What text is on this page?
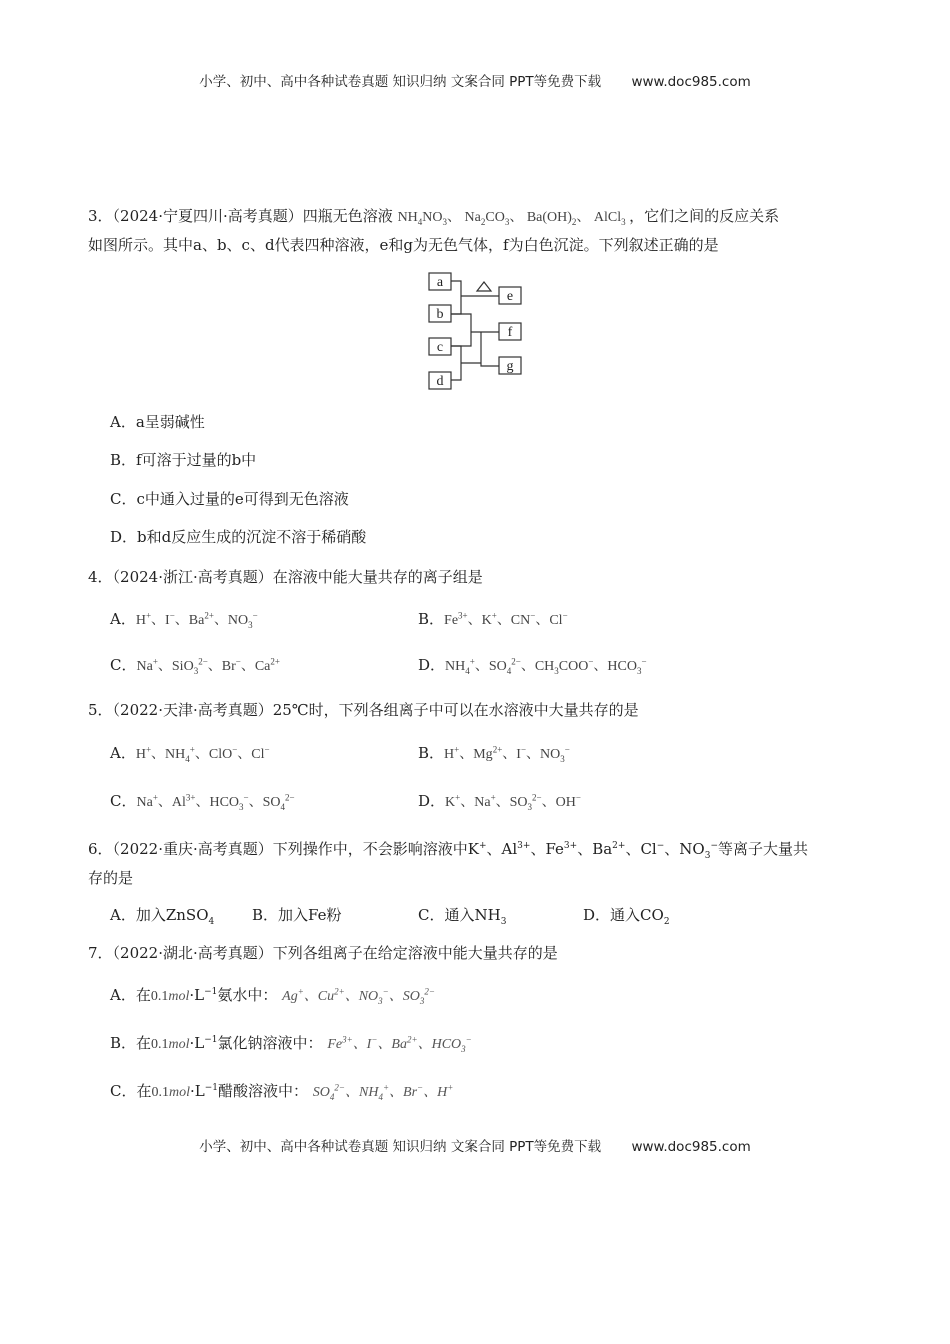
小学、初中、高中各种试卷真题 知识归纳 文案合同 PPT等免费下载 www.doc985.com
3．（2024·宁夏四川·高考真题）四瓶无色溶液 $NH_4NO_3$、 $Na_2CO_3$、 $Ba(OH)_2$、 AlCl$_3$ ，它们之间的反应关系
如图所示。其中a、b、c、d代表四种溶液，e和g为无色气体，f为白色沉淀。下列叙述正确的是
a
b
c
d
e
f
g
A．a呈弱碱性
B．f可溶于过量的b中
C．c中通入过量的e可得到无色溶液
D．b和d反应生成的沉淀不溶于稀硝酸
4．（2024·浙江·高考真题）在溶液中能大量共存的离子组是
A．H+、I−、$Ba^{2+}$、$NO_3^-$	B．$Fe^{3+}$、K+、CN−、Cl−
C．Na+、SiO$_3^{2-}$、Br−、$Ca^{2+}$	D．$NH_4^+$、$SO_4^{2-}$、$CH_3COO^-$、$HCO_3^-$
5．（2022·天津·高考真题）25℃时，下列各组离子中可以在水溶液中大量共存的是
A．H+、$NH_4^+$、ClO−、Cl−	B．H+、$Mg^{2+}$、I−、$NO_3^-$
C．Na+、$Al^{3+}$、$HCO_3^-$、$SO_4^{2-}$	D．K+、Na+、$SO_3^{2-}$、OH−
6．（2022·重庆·高考真题）下列操作中，不会影响溶液中K+、$Al^{3+}$、$Fe^{3+}$、$Ba^{2+}$、Cl−、$NO_3^-$等离子大量共
存的是
A．加入ZnSO$_4$	B．加入Fe粉	C．通入$NH_3$	D．通入$CO_2$
7．（2022·湖北·高考真题）下列各组离子在给定溶液中能大量共存的是
A．在$0.1mol\cdot L^{-1}$氨水中： Ag+、$Cu^{2+}$、$NO_3^-$、$SO_3^{2-}$
B．在$0.1mol\cdot L^{-1}$氯化钠溶液中： $Fe^{3+}$、I−、$Ba^{2+}$、$HCO_3^-$
C．在$0.1mol\cdot L^{-1}$醋酸溶液中： $SO_4^{2-}$、$NH_4^+$、Br−、H+
小学、初中、高中各种试卷真题 知识归纳 文案合同 PPT等免费下载 www.doc985.com
